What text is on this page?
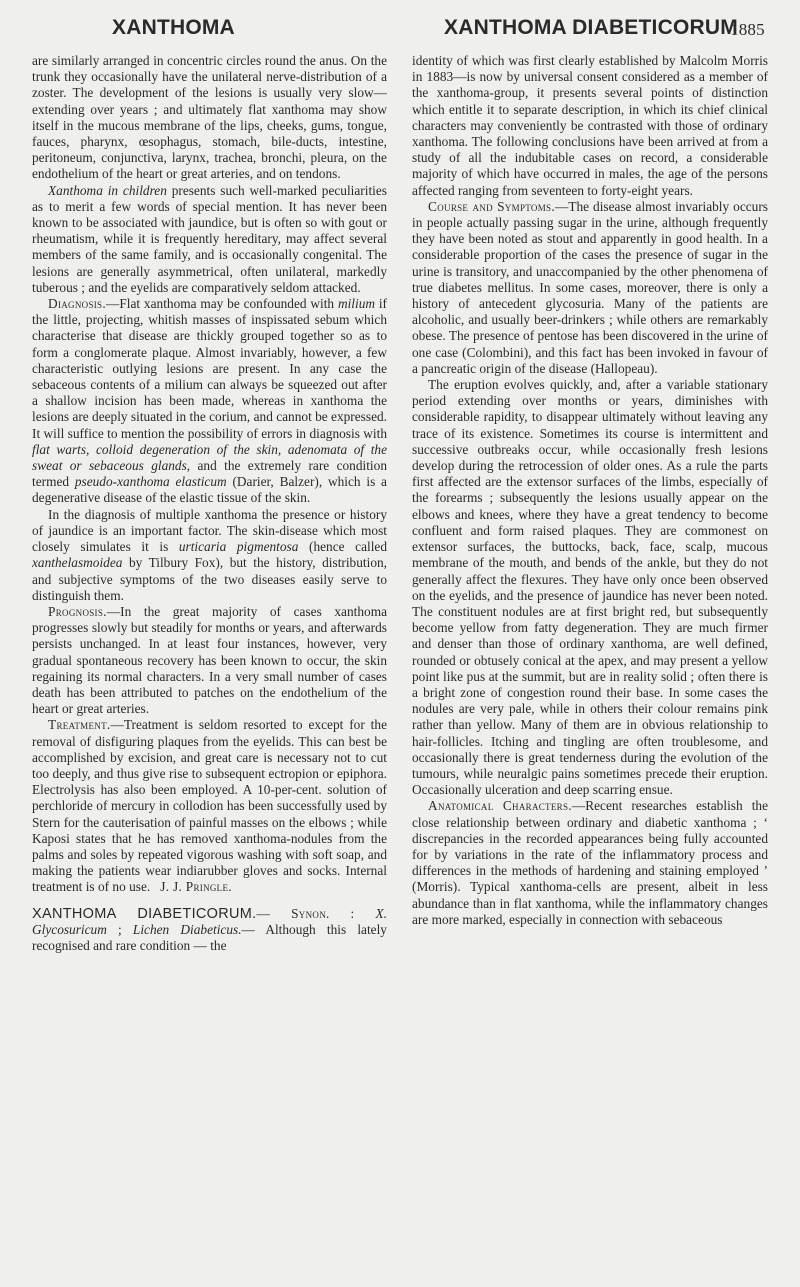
XANTHOMA	XANTHOMA DIABETICORUM
1885

are similarly arranged in concentric circles round the anus. On the trunk they occasionally have the unilateral nerve-distribution of a zoster. The development of the lesions is usually very slow—extending over years ; and ultimately flat xanthoma may show itself in the mucous membrane of the lips, cheeks, gums, tongue, fauces, pharynx, œsophagus, stomach, bile-ducts, intestine, peritoneum, conjunctiva, larynx, trachea, bronchi, pleura, on the endothelium of the heart or great arteries, and on tendons.

Xanthoma in children presents such well-marked peculiarities as to merit a few words of special mention. It has never been known to be associated with jaundice, but is often so with gout or rheumatism, while it is frequently hereditary, may affect several members of the same family, and is occasionally congenital. The lesions are generally asymmetrical, often unilateral, markedly tuberous ; and the eyelids are comparatively seldom attacked.

Diagnosis.—Flat xanthoma may be confounded with milium if the little, projecting, whitish masses of inspissated sebum which characterise that disease are thickly grouped together so as to form a conglomerate plaque. Almost invariably, however, a few characteristic outlying lesions are present. In any case the sebaceous contents of a milium can always be squeezed out after a shallow incision has been made, whereas in xanthoma the lesions are deeply situated in the corium, and cannot be expressed. It will suffice to mention the possibility of errors in diagnosis with flat warts, colloid degeneration of the skin, adenomata of the sweat or sebaceous glands, and the extremely rare condition termed pseudo-xanthoma elasticum (Darier, Balzer), which is a degenerative disease of the elastic tissue of the skin.

In the diagnosis of multiple xanthoma the presence or history of jaundice is an important factor. The skin-disease which most closely simulates it is urticaria pigmentosa (hence called xanthelasmoidea by Tilbury Fox), but the history, distribution, and subjective symptoms of the two diseases easily serve to distinguish them.

Prognosis.—In the great majority of cases xanthoma progresses slowly but steadily for months or years, and afterwards persists unchanged. In at least four instances, however, very gradual spontaneous recovery has been known to occur, the skin regaining its normal characters. In a very small number of cases death has been attributed to patches on the endothelium of the heart or great arteries.

Treatment.—Treatment is seldom resorted to except for the removal of disfiguring plaques from the eyelids. This can best be accomplished by excision, and great care is necessary not to cut too deeply, and thus give rise to subsequent ectropion or epiphora. Electrolysis has also been employed. A 10-per-cent. solution of perchloride of mercury in collodion has been successfully used by Stern for the cauterisation of painful masses on the elbows ; while Kaposi states that he has removed xanthoma-nodules from the palms and soles by repeated vigorous washing with soft soap, and making the patients wear indiarubber gloves and socks. Internal treatment is of no use. J. J. Pringle.

XANTHOMA DIABETICORUM.— Synon. : X. Glycosuricum ; Lichen Diabeticus.— Although this lately recognised and rare condition — the

identity of which was first clearly established by Malcolm Morris in 1883—is now by universal consent considered as a member of the xanthoma-group, it presents several points of distinction which entitle it to separate description, in which its chief clinical characters may conveniently be contrasted with those of ordinary xanthoma. The following conclusions have been arrived at from a study of all the indubitable cases on record, a considerable majority of which have occurred in males, the age of the persons affected ranging from seventeen to forty-eight years.

Course and Symptoms.—The disease almost invariably occurs in people actually passing sugar in the urine, although frequently they have been noted as stout and apparently in good health. In a considerable proportion of the cases the presence of sugar in the urine is transitory, and unaccompanied by the other phenomena of true diabetes mellitus. In some cases, moreover, there is only a history of antecedent glycosuria. Many of the patients are alcoholic, and usually beer-drinkers ; while others are remarkably obese. The presence of pentose has been discovered in the urine of one case (Colombini), and this fact has been invoked in favour of a pancreatic origin of the disease (Hallopeau).

The eruption evolves quickly, and, after a variable stationary period extending over months or years, diminishes with considerable rapidity, to disappear ultimately without leaving any trace of its existence. Sometimes its course is intermittent and successive outbreaks occur, while occasionally fresh lesions develop during the retrocession of older ones. As a rule the parts first affected are the extensor surfaces of the limbs, especially of the forearms ; subsequently the lesions usually appear on the elbows and knees, where they have a great tendency to become confluent and form raised plaques. They are commonest on extensor surfaces, the buttocks, back, face, scalp, mucous membrane of the mouth, and bends of the ankle, but they do not generally affect the flexures. They have only once been observed on the eyelids, and the presence of jaundice has never been noted. The constituent nodules are at first bright red, but subsequently become yellow from fatty degeneration. They are much firmer and denser than those of ordinary xanthoma, are well defined, rounded or obtusely conical at the apex, and may present a yellow point like pus at the summit, but are in reality solid ; often there is a bright zone of congestion round their base. In some cases the nodules are very pale, while in others their colour remains pink rather than yellow. Many of them are in obvious relationship to hair-follicles. Itching and tingling are often troublesome, and occasionally there is great tenderness during the evolution of the tumours, while neuralgic pains sometimes precede their eruption. Occasionally ulceration and deep scarring ensue.

Anatomical Characters.—Recent researches establish the close relationship between ordinary and diabetic xanthoma ; ‘ discrepancies in the recorded appearances being fully accounted for by variations in the rate of the inflammatory process and differences in the methods of hardening and staining employed ’ (Morris). Typical xanthoma-cells are present, albeit in less abundance than in flat xanthoma, while the inflammatory changes are more marked, especially in connection with sebaceous
